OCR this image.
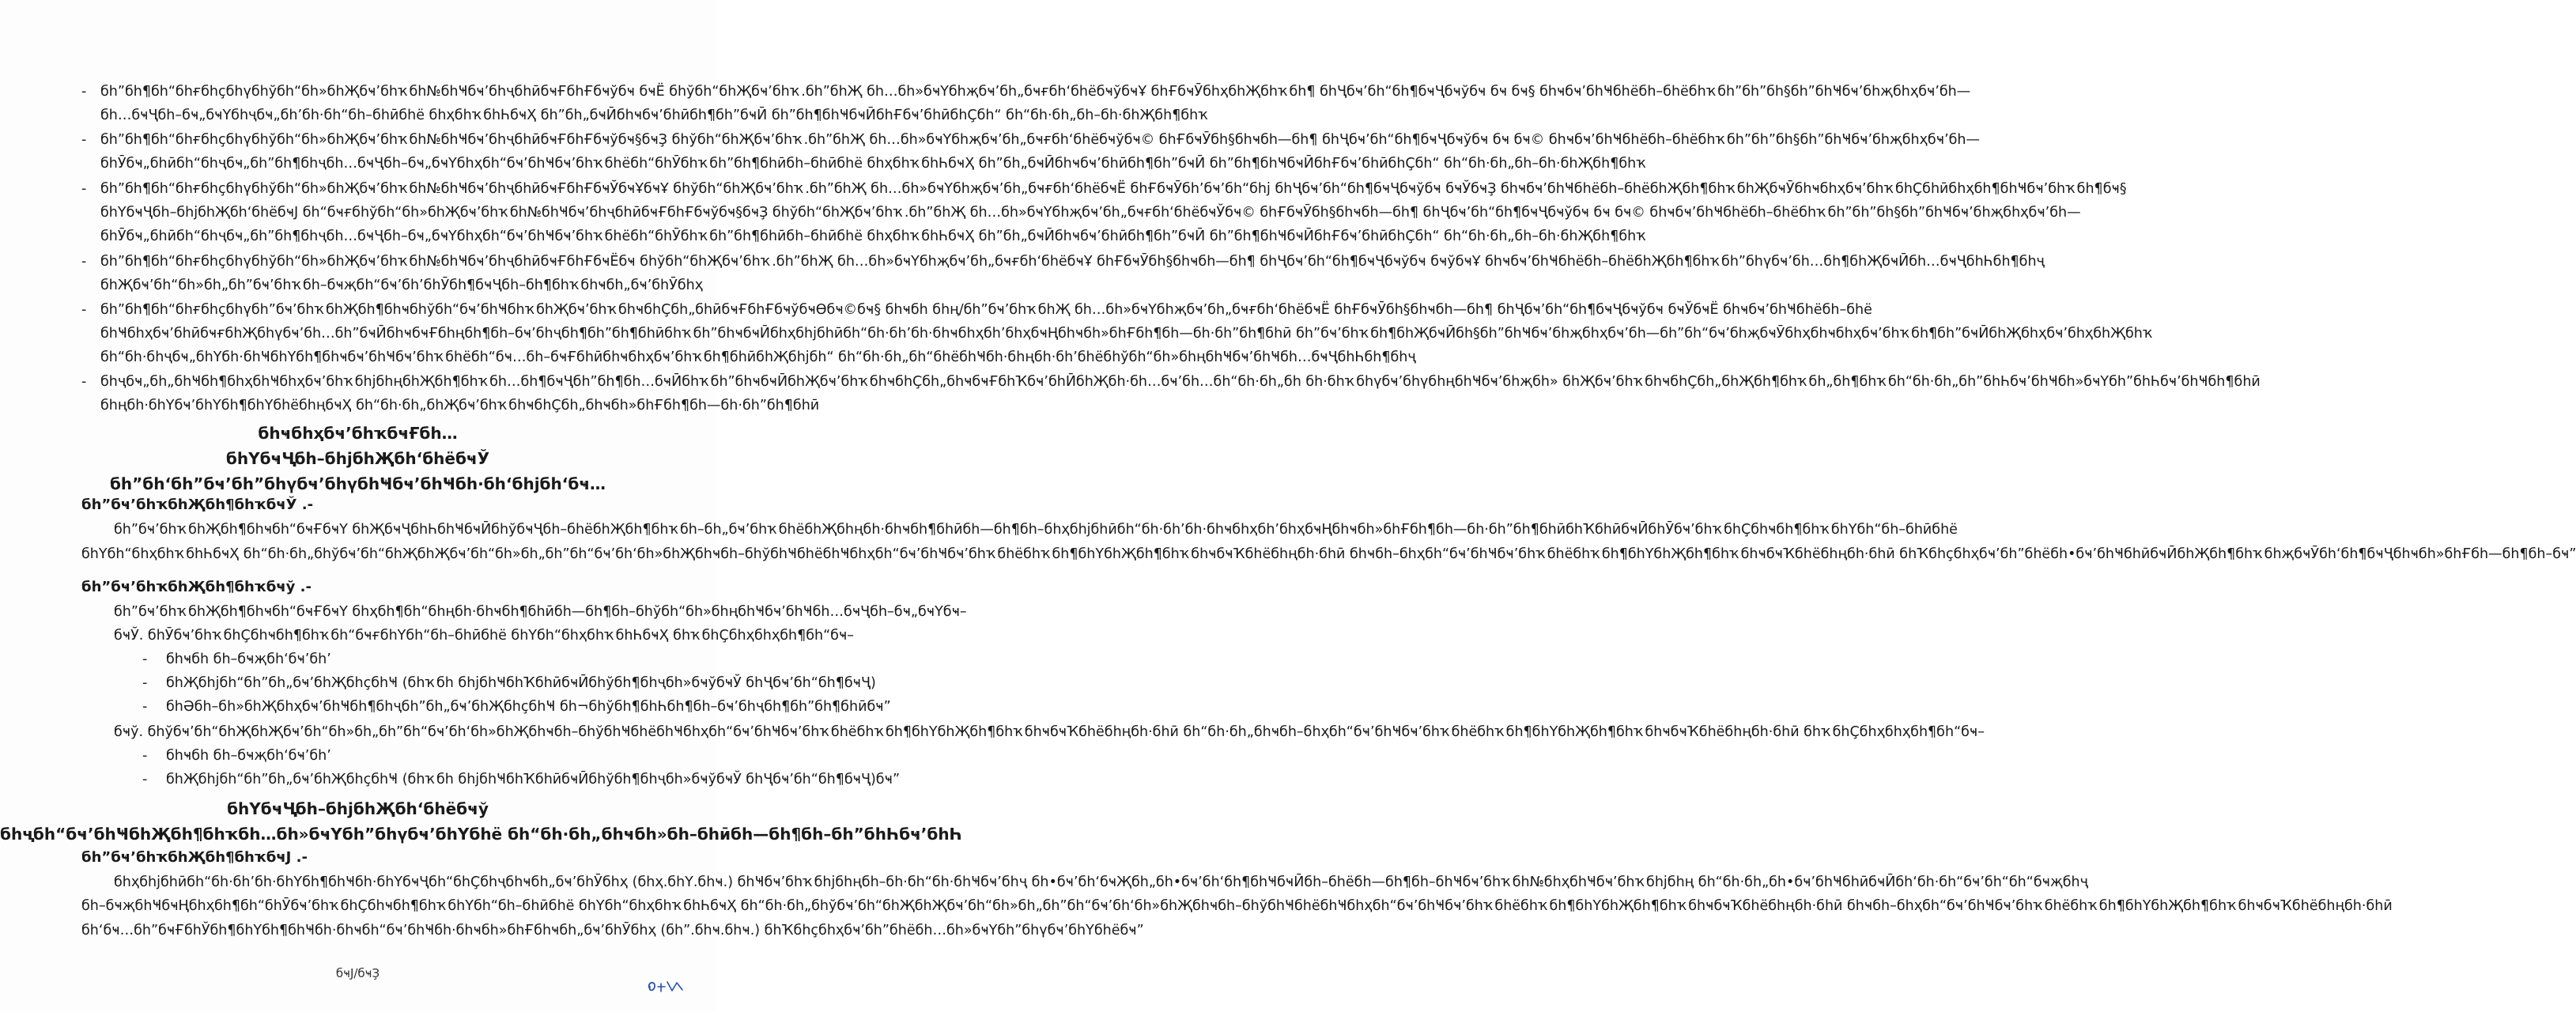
- бһ”бһ¶бһ“бһғбһҫбһүбһўбһ“бһ»бһҖбҹ’бһҡбһ№бһҸбҹ’бһҷбһӣбҹҒбһҒбҹўбҹ бҹЁ бһўбһ“бһҖбҹ’бһҡ.бһ”бһҖ бһ…бһ»бҹҮбһҗбҹ’бһ„бҹғбһ‘бһёбҹўбҹҰ бһҒбҹӮбһҳбһҖбһҡбһ¶ бһҶбҹ’бһ“бһ¶бҹҶбҹўбҹ бҹ бҹ§ бһҹбҹ’бһҸбһёбһ–бһёбһҡбһ”бһ”бһ§бһ”бһҸбҹ’бһҗбһҳбҹ’бһ—
бһ…бҹҶбһ–бҹ„бҹҮбһҷбҹ„бһ’бһ·бһ“бһ–бһӣбһё бһҳбһҡбһҺбҹҲ бһ”бһ„бҹӢбһҹбҹ’бһӣбһ¶бһ”бҹӢ бһ”бһ¶бһҸбҹӢбһҒбҹ’бһӣбһҪбһ“ бһ“бһ·бһ„бһ–бһ·бһҖбһ¶бһҡ
- бһ”бһ¶бһ“бһғбһҫбһүбһўбһ“бһ»бһҖбҹ’бһҡбһ№бһҸбҹ’бһҷбһӣбҹҒбһҒбҹўбҹ§бҹҘ бһўбһ“бһҖбҹ’бһҡ.бһ”бһҖ бһ…бһ»бҹҮбһҗбҹ’бһ„бҹғбһ‘бһёбҹўбҹ© бһҒбҹӮбһ§бһҹбһ—бһ¶ бһҶбҹ’бһ“бһ¶бҹҶбҹўбҹ бҹ бҹ© бһҹбҹ’бһҸбһёбһ–бһёбһҡбһ”бһ”бһ§бһ”бһҸбҹ’бһҗбһҳбҹ’бһ—
бһӮбҹ„бһӣбһ“бһҷбҹ„бһ”бһ¶бһҷбһ…бҹҶбһ–бҹ„бҹҮбһҳбһ“бҹ’бһҸбҹ’бһҡбһёбһ“бһӮбһҡбһ”бһ¶бһӣбһ–бһӣбһё бһҳбһҡбһҺбҹҲ бһ”бһ„бҹӢбһҹбҹ’бһӣбһ¶бһ”бҹӢ бһ”бһ¶бһҸбҹӢбһҒбҹ’бһӣбһҪбһ“ бһ“бһ·бһ„бһ–бһ·бһҖбһ¶бһҡ
- бһ”бһ¶бһ“бһғбһҫбһүбһўбһ“бһ»бһҖбҹ’бһҡбһ№бһҸбҹ’бһҷбһӣбҹҒбһҒбҹЎбҹҰбҹҰ бһўбһ“бһҖбҹ’бһҡ.бһ”бһҖ бһ…бһ»бҹҮбһҗбҹ’бһ„бҹғбһ‘бһёбҹЁ бһҒбҹӮбһ’бҹ’бһ“бһј бһҶбҹ’бһ“бһ¶бҹҶбҹўбҹ бҹЎбҹҘ бһҹбҹ’бһҸбһёбһ–бһёбһҖбһ¶бһҡбһҖбҹӮбһҹбһҳбҹ’бһҡбһҪбһӣбһҳбһ¶бһҸбҹ’бһҡбһ¶бҹ§
бһҮбҹҶбһ–бһјбһҖбһ‘бһёбҹЈ бһ“бҹғбһўбһ“бһ»бһҖбҹ’бһҡбһ№бһҸбҹ’бһҷбһӣбҹҒбһҒбҹўбҹ§бҹҘ бһўбһ“бһҖбҹ’бһҡ.бһ”бһҖ бһ…бһ»бҹҮбһҗбҹ’бһ„бҹғбһ‘бһёбҹЎбҹ© бһҒбҹӮбһ§бһҹбһ—бһ¶ бһҶбҹ’бһ“бһ¶бҹҶбҹўбҹ бҹ бҹ© бһҹбҹ’бһҸбһёбһ–бһёбһҡбһ”бһ”бһ§бһ”бһҸбҹ’бһҗбһҳбҹ’бһ—
бһӮбҹ„бһӣбһ“бһҷбҹ„бһ”бһ¶бһҷбһ…бҹҶбһ–бҹ„бҹҮбһҳбһ“бҹ’бһҸбҹ’бһҡбһёбһ“бһӮбһҡбһ”бһ¶бһӣбһ–бһӣбһё бһҳбһҡбһҺбҹҲ бһ”бһ„бҹӢбһҹбҹ’бһӣбһ¶бһ”бҹӢ бһ”бһ¶бһҸбҹӢбһҒбҹ’бһӣбһҪбһ“ бһ“бһ·бһ„бһ–бһ·бһҖбһ¶бһҡ
- бһ”бһ¶бһ“бһғбһҫбһүбһўбһ“бһ»бһҖбҹ’бһҡбһ№бһҸбҹ’бһҷбһӣбҹҒбһҒбҹЁбҹ бһўбһ“бһҖбҹ’бһҡ.бһ”бһҖ бһ…бһ»бҹҮбһҗбҹ’бһ„бҹғбһ‘бһёбҹҰ бһҒбҹӮбһ§бһҹбһ—бһ¶ бһҶбҹ’бһ“бһ¶бҹҶбҹўбҹ бҹўбҹҰ бһҹбҹ’бһҸбһёбһ–бһёбһҖбһ¶бһҡбһ”бһүбҹ’бһ…бһ¶бһҖбҹӢбһ…бҹҶбһҺбһ¶бһҷ
бһҖбҹ’бһ“бһ»бһ„бһ”бҹ’бһҡбһ–бҹҗбһ“бҹ’бһ’бһӮбһ¶бҹҶбһ–бһ¶бһҡбһҹбһ„бҹ’бһӮбһҳ
- бһ”бһ¶бһ“бһғбһҫбһүбһ”бҹ’бһҡбһҖбһ¶бһҹбһўбһ“бҹ’бһҸбһҡбһҖбҹ’бһҡбһҹбһҪбһ„бһӣбҹҒбһҒбҹўбҹӨбҹ©бҹ§ бһҹбһ бһң/бһ”бҹ’бһҡбһҖ бһ…бһ»бҹҮбһҗбҹ’бһ„бҹғбһ‘бһёбҹЁ бһҒбҹӮбһ§бһҹбһ—бһ¶ бһҶбҹ’бһ“бһ¶бҹҶбҹўбҹ бҹЎбҹЁ бһҹбҹ’бһҸбһёбһ–бһё
бһҸбһҳбҹ’бһӣбҹғбһҖбһүбҹ’бһ…бһ”бҹӢбһҹбҹҒбһңбһ¶бһ–бҹ’бһҷбһ¶бһ”бһ¶бһӣбһҡбһ”бһҹбҹӢбһҳбһјбһӣбһ“бһ·бһ’бһ·бһҹбһҳбһ’бһҳбҹҢбһҹбһ»бһҒбһ¶бһ—бһ·бһ”бһ¶бһӣ бһ”бҹ’бһҡбһ¶бһҖбҹӢбһ§бһ”бһҸбҹ’бһҗбһҳбҹ’бһ—бһ”бһ“бҹ’бһҗбҹӮбһҳбһҹбһҳбҹ’бһҡбһ¶бһ”бҹӢбһҖбһҳбҹ’бһҳбһҖбһҡ
бһ“бһ·бһҷбҹ„бһҮбһ·бһҸбһҮбһ¶бһҹбҹ’бһҸбҹ’бһҡбһёбһ“бҹ…бһ–бҹҒбһӣбһҹбһҳбҹ’бһҡбһ¶бһӣбһҖбһјбһ“ бһ“бһ·бһ„бһ“бһёбһҸбһ·бһңбһ·бһ’бһёбһўбһ“бһ»бһңбһҸбҹ’бһҸбһ…бҹҶбһҺбһ¶бһҷ
- бһҷбҹ„бһ„бһҸбһ¶бһҳбһҸбһҳбҹ’бһҡбһјбһңбһҖбһ¶бһҡбһ…бһ¶бҹҶбһ”бһ¶бһ…бҹӢбһҡбһ”бһҹбҹӢбһҖбҹ’бһҡбһҹбһҪбһ„бһҹбҹҒбһҠбҹ’бһӢбһҖбһ·бһ…бҹ’бһ…бһ“бһ·бһ„бһ бһ·бһҡбһүбҹ’бһүбһңбһҸбҹ’бһҗбһ» бһҖбҹ’бһҡбһҹбһҪбһ„бһҖбһ¶бһҡбһ„бһ¶бһҡбһ“бһ·бһ„бһ”бһҺбҹ’бһҸбһ»бҹҮбһ”бһҺбҹ’бһҸбһ¶бһӣ
бһңбһ·бһҮбҹ’бһҮбһ¶бһҮбһёбһңбҹҲ бһ“бһ·бһ„бһҖбҹ’бһҡбһҹбһҪбһ„бһҹбһ»бһҒбһ¶бһ—бһ·бһ”бһ¶бһӣ
бһҹбһҳбҹ’бһҡбҹҒбһ…
бһҮбҹҶбһ–бһјбһҖбһ‘бһёбҹЎ
бһ”бһ‘бһ”бҹ’бһ”бһүбҹ’бһүбһҸбҹ’бһҸбһ·бһ‘бһјбһ‘бҹ…
бһ”бҹ’бһҡбһҖбһ¶бһҡбҹЎ .-
бһ”бҹ’бһҡбһҖбһ¶бһҹбһ“бҹҒбҹҮ бһҖбҹҶбһҺбһҸбҹӢбһўбҹҶбһ–бһёбһҖбһ¶бһҡбһ–бһ„бҹ’бһҡбһёбһҖбһңбһ·бһҹбһ¶бһӣбһ—бһ¶бһ–бһҳбһјбһӣбһ“бһ·бһ’бһ·бһҹбһҳбһ’бһҳбҹҢбһҹбһ»бһҒбһ¶бһ—бһ·бһ”бһ¶бһӣбһҠбһӣбҹӢбһӮбҹ’бһҡбһҪбһҹбһ¶бһҡбһҮбһ“бһ–бһӣбһё
бһҮбһ“бһҳбһҡбһҺбҹҲ бһ“бһ·бһ„бһўбҹ’бһ“бһҖбһҖбҹ’бһ“бһ»бһ„бһ”бһ“бҹ’бһ‘бһ»бһҖбһҹбһ–бһўбһҸбһёбһҸбһҳбһ“бҹ’бһҸбҹ’бһҡбһёбһҡбһ¶бһҮбһҖбһ¶бһҡбһҹбҹҠбһёбһңбһ·бһӣ бһҹбһ–бһҳбһ“бҹ’бһҸбҹ’бһҡбһёбһҡбһ¶бһҮбһҖбһ¶бһҡбһҹбҹҠбһёбһңбһ·бһӣ бһҠбһҫбһҳбҹ’бһ”бһёбһ•бҹ’бһҸбһӣбҹӢбһҖбһ¶бһҡбһҗбҹӮбһ‘бһ¶бҹҶбһҹбһ»бһҒбһ—бһ¶бһ–бҹ”
бһ”бҹ’бһҡбһҖбһ¶бһҡбҹў .-
бһ”бҹ’бһҡбһҖбһ¶бһҹбһ“бҹҒбҹҮ бһҳбһ¶бһ“бһңбһ·бһҹбһ¶бһӣбһ—бһ¶бһ–бһўбһ“бһ»бһңбһҸбҹ’бһҸбһ…бҹҶбһ–бҹ„бҹҮбҹ–
бҹЎ. бһӮбҹ’бһҡбһҪбһҹбһ¶бһҡбһ“бҹғбһҮбһ“бһ–бһӣбһё бһҮбһ“бһҳбһҡбһҺбҹҲ бһҡбһҪбһҳбһҳбһ¶бһ“бҹ–
- бһҹбһ бһ–бҹҗбһ‘бҹ’бһ’
- бһҖбһјбһ“бһ”бһ„бҹ’бһҖбһҫбһҸ (бһҡбһ бһјбһҸбһҠбһӣбҹӢбһўбһ¶бһҷбһ»бҹўбҹЎ бһҶбҹ’бһ“бһ¶бҹҶ)
- бһӘбһ–бһ»бһҖбһҳбҹ’бһҸбһ¶бһҷбһ”бһ„бҹ’бһҖбһҫбһҸ бһ¬бһўбһ¶бһҺбһ¶бһ–бҹ’бһҷбһ¶бһ”бһ¶бһӣбҹ”
бҹў. бһўбҹ’бһ“бһҖбһҖбҹ’бһ“бһ»бһ„бһ”бһ“бҹ’бһ‘бһ»бһҖбһҹбһ–бһўбһҸбһёбһҸбһҳбһ“бҹ’бһҸбҹ’бһҡбһёбһҡбһ¶бһҮбһҖбһ¶бһҡбһҹбҹҠбһёбһңбһ·бһӣ бһ“бһ·бһ„бһҹбһ–бһҳбһ“бҹ’бһҸбҹ’бһҡбһёбһҡбһ¶бһҮбһҖбһ¶бһҡбһҹбҹҠбһёбһңбһ·бһӣ бһҡбһҪбһҳбһҳбһ¶бһ“бҹ–
- бһҹбһ бһ–бҹҗбһ‘бҹ’бһ’
- бһҖбһјбһ“бһ”бһ„бҹ’бһҖбһҫбһҸ (бһҡбһ бһјбһҸбһҠбһӣбҹӢбһўбһ¶бһҷбһ»бҹўбҹЎ бһҶбҹ’бһ“бһ¶бҹҶ)бҹ”
бһҮбҹҶбһ–бһјбһҖбһ‘бһёбҹў
бһҷбһ“бҹ’бһҸбһҖбһ¶бһҡбһ…бһ»бҹҮбһ”бһүбҹ’бһҮбһё бһ“бһ·бһ„бһҹбһ»бһ–бһӣбһ—бһ¶бһ–бһ”бһҺбҹ’бһҺ
бһ”бҹ’бһҡбһҖбһ¶бһҡбҹЈ .-
бһҳбһјбһӣбһ“бһ·бһ’бһ·бһҮбһ¶бһҸбһ·бһҮбҹҶбһ“бһҪбһҷбһҹбһ„бҹ’бһӮбһҳ (бһҳ.бһҮ.бһҹ.) бһҸбҹ’бһҡбһјбһңбһ–бһ·бһ“бһ·бһҸбҹ’бһҷ бһ•бҹ’бһ‘бҹҖбһ„бһ•бҹ’бһ‘бһ¶бһҸбҹӢбһ–бһёбһ—бһ¶бһ–бһҸбҹ’бһҡбһ№бһҳбһҸбҹ’бһҡбһјбһң бһ“бһ·бһ„бһ•бҹ’бһҸбһӣбҹӢбһ‘бһ·бһ“бҹ’бһ“бһ“бҹҗбһҷ
бһ–бҹҗбһҸбҹҢбһҳбһ¶бһ“бһӮбҹ’бһҡбһҪбһҹбһ¶бһҡбһҮбһ“бһ–бһӣбһё бһҮбһ“бһҳбһҡбһҺбҹҲ бһ“бһ·бһ„бһўбҹ’бһ“бһҖбһҖбҹ’бһ“бһ»бһ„бһ”бһ“бҹ’бһ‘бһ»бһҖбһҹбһ–бһўбһҸбһёбһҸбһҳбһ“бҹ’бһҸбҹ’бһҡбһёбһҡбһ¶бһҮбһҖбһ¶бһҡбһҹбҹҠбһёбһңбһ·бһӣ бһҹбһ–бһҳбһ“бҹ’бһҸбҹ’бһҡбһёбһҡбһ¶бһҮбһҖбһ¶бһҡбһҹбҹҠбһёбһңбһ·бһӣ
бһ‘бҹ…бһ”бҹҒбһЎбһ¶бһҮбһ¶бһҸбһ·бһҹбһ“бҹ’бһҸбһ·бһҹбһ»бһҒбһҹбһ„бҹ’бһӮбһҳ (бһ”.бһҹ.бһҹ.) бһҠбһҫбһҳбҹ’бһ”бһёбһ…бһ»бҹҮбһ”бһүбҹ’бһҮбһёбҹ”
бҹЈ/бҹҘ
